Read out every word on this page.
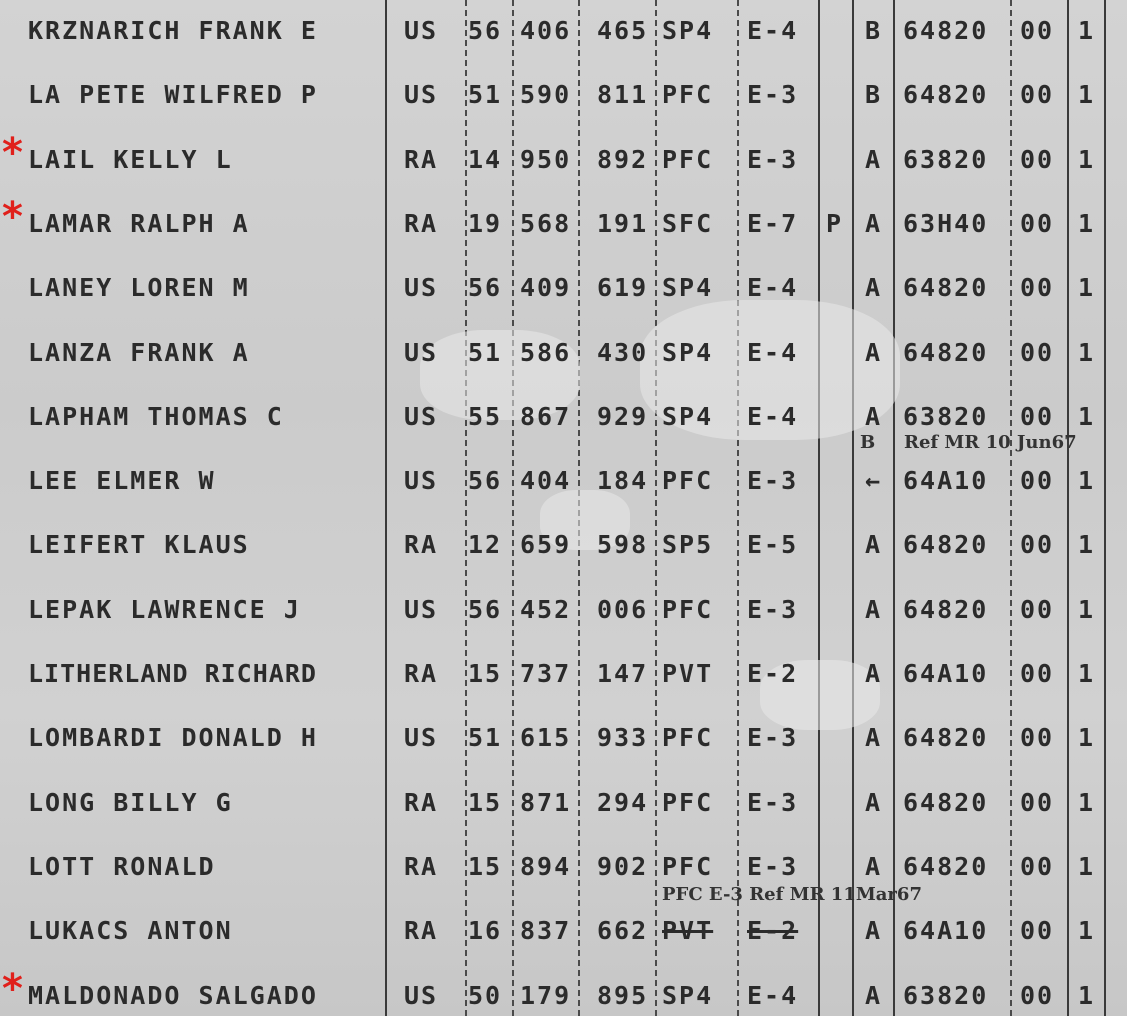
KRZNARICH FRANK E	US 56 406 465 SP4 E-4	B 64820 00 1
LA PETE WILFRED P	US 51 590 811 PFC E-3	B 64820 00 1
* LAIL KELLY L	RA 14 950 892 PFC E-3	A 63820 00 1
* LAMAR RALPH A	RA 19 568 191 SFC E-7 P A 63H40 00 1
LANEY LOREN M	US 56 409 619 SP4 E-4	A 64820 00 1
LANZA FRANK A	US 51 586 430 SP4 E-4	A 64820 00 1
LAPHAM THOMAS C	US 55 867 929 SP4 E-4	A 63820 00 1
LEE ELMER W	US 56 404 184 PFC E-3	← 64A10 00 1
LEIFERT KLAUS	RA 12 659 598 SP5 E-5	A 64820 00 1
LEPAK LAWRENCE J	US 56 452 006 PFC E-3	A 64820 00 1
LITHERLAND RICHARD	RA 15 737 147 PVT E-2	A 64A10 00 1
LOMBARDI DONALD H	US 51 615 933 PFC E-3	A 64820 00 1
LONG BILLY G	RA 15 871 294 PFC E-3	A 64820 00 1
LOTT RONALD	RA 15 894 902 PFC E-3	A 64820 00 1
LUKACS ANTON	RA 16 837 662 PVT E-2	A 64A10 00 1
* MALDONADO SALGADO	US 50 179 895 SP4 E-4	A 63820 00 1
B Ref MR 10 Jun67
PFC E-3 Ref MR 11Mar67
